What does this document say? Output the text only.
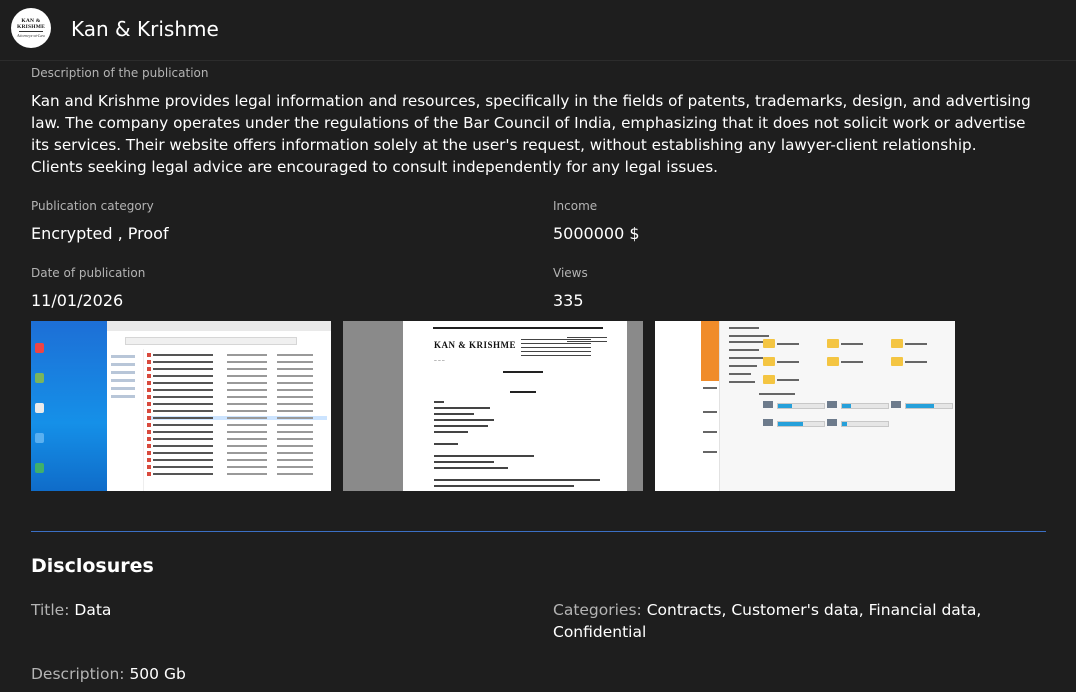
KAN &
KRISHME
Attorneys-at-Law Kan & Krishme
Description of the publication
Kan and Krishme provides legal information and resources, specifically in the fields of patents, trademarks, design, and advertising law. The company operates under the regulations of the Bar Council of India, emphasizing that it does not solicit work or advertise its services. Their website offers information solely at the user's request, without establishing any lawyer-client relationship. Clients seeking legal advice are encouraged to consult independently for any legal issues.
Publication category
Encrypted , Proof
Income
5000000 $
Date of publication
11/01/2026
Views
335
KAN & KRISHME
~ ~ ~
Disclosures
Title: Data	Categories: Contracts, Customer's data, Financial data, Confidential
Description: 500 Gb
